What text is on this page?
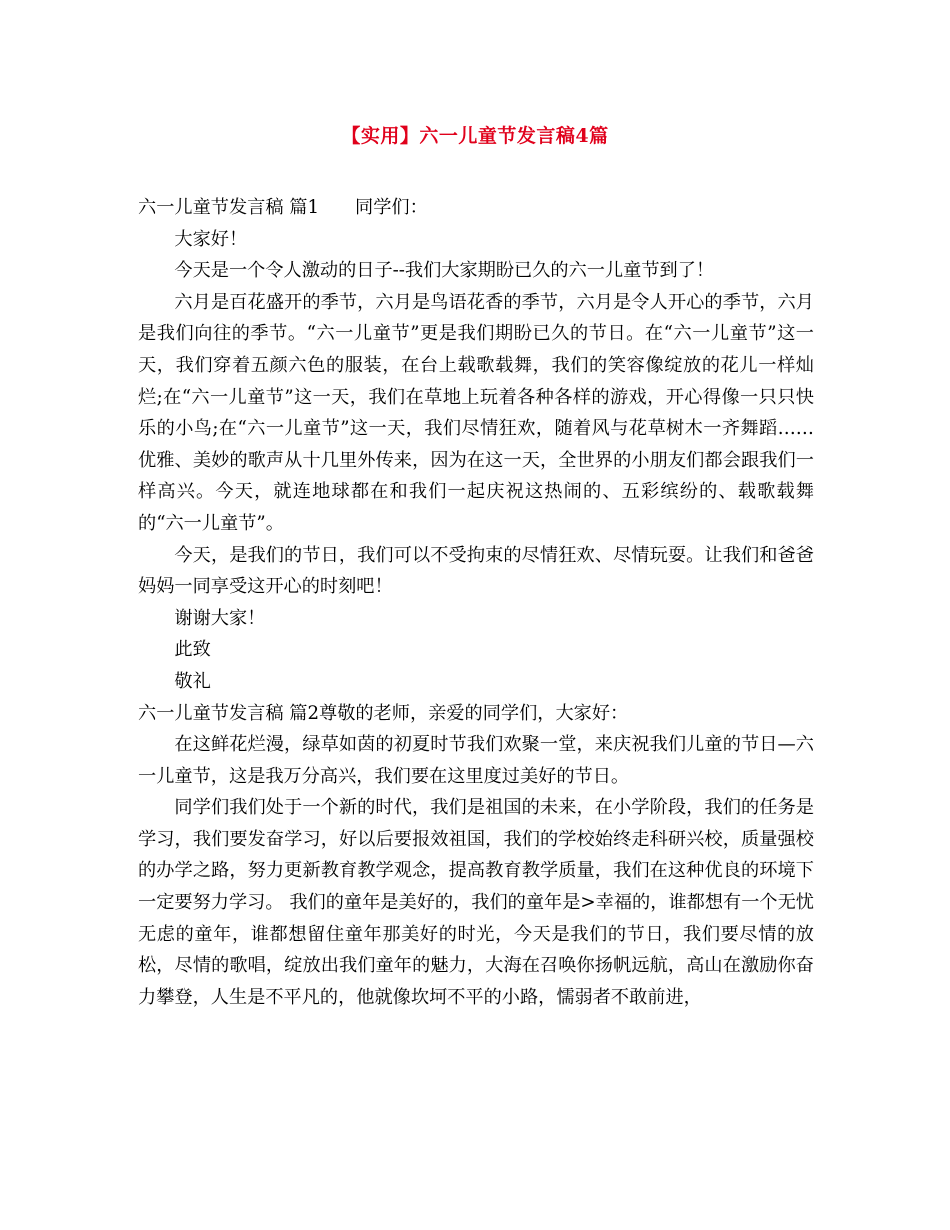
【实用】六一儿童节发言稿4篇

六一儿童节发言稿 篇1 同学们：

大家好！

今天是一个令人激动的日子--我们大家期盼已久的六一儿童节到了！

六月是百花盛开的季节，六月是鸟语花香的季节，六月是令人开心的季节，六月是我们向往的季节。“六一儿童节”更是我们期盼已久的节日。在“六一儿童节”这一天，我们穿着五颜六色的服装，在台上载歌载舞，我们的笑容像绽放的花儿一样灿烂;在“六一儿童节”这一天，我们在草地上玩着各种各样的游戏，开心得像一只只快乐的小鸟;在“六一儿童节”这一天，我们尽情狂欢，随着风与花草树木一齐舞蹈……优雅、美妙的歌声从十几里外传来，因为在这一天，全世界的小朋友们都会跟我们一样高兴。今天，就连地球都在和我们一起庆祝这热闹的、五彩缤纷的、载歌载舞的“六一儿童节”。

今天，是我们的节日，我们可以不受拘束的尽情狂欢、尽情玩耍。让我们和爸爸妈妈一同享受这开心的时刻吧！

谢谢大家！

此致

敬礼

六一儿童节发言稿 篇2尊敬的老师，亲爱的同学们，大家好：

在这鲜花烂漫，绿草如茵的初夏时节我们欢聚一堂，来庆祝我们儿童的节日—六一儿童节，这是我万分高兴，我们要在这里度过美好的节日。

同学们我们处于一个新的时代，我们是祖国的未来，在小学阶段，我们的任务是学习，我们要发奋学习，好以后要报效祖国，我们的学校始终走科研兴校，质量强校的办学之路，努力更新教育教学观念，提高教育教学质量，我们在这种优良的环境下一定要努力学习。 我们的童年是美好的，我们的童年是>幸福的，谁都想有一个无忧无虑的童年，谁都想留住童年那美好的时光，今天是我们的节日，我们要尽情的放松，尽情的歌唱，绽放出我们童年的魅力，大海在召唤你扬帆远航，高山在激励你奋力攀登，人生是不平凡的，他就像坎坷不平的小路，懦弱者不敢前进，
